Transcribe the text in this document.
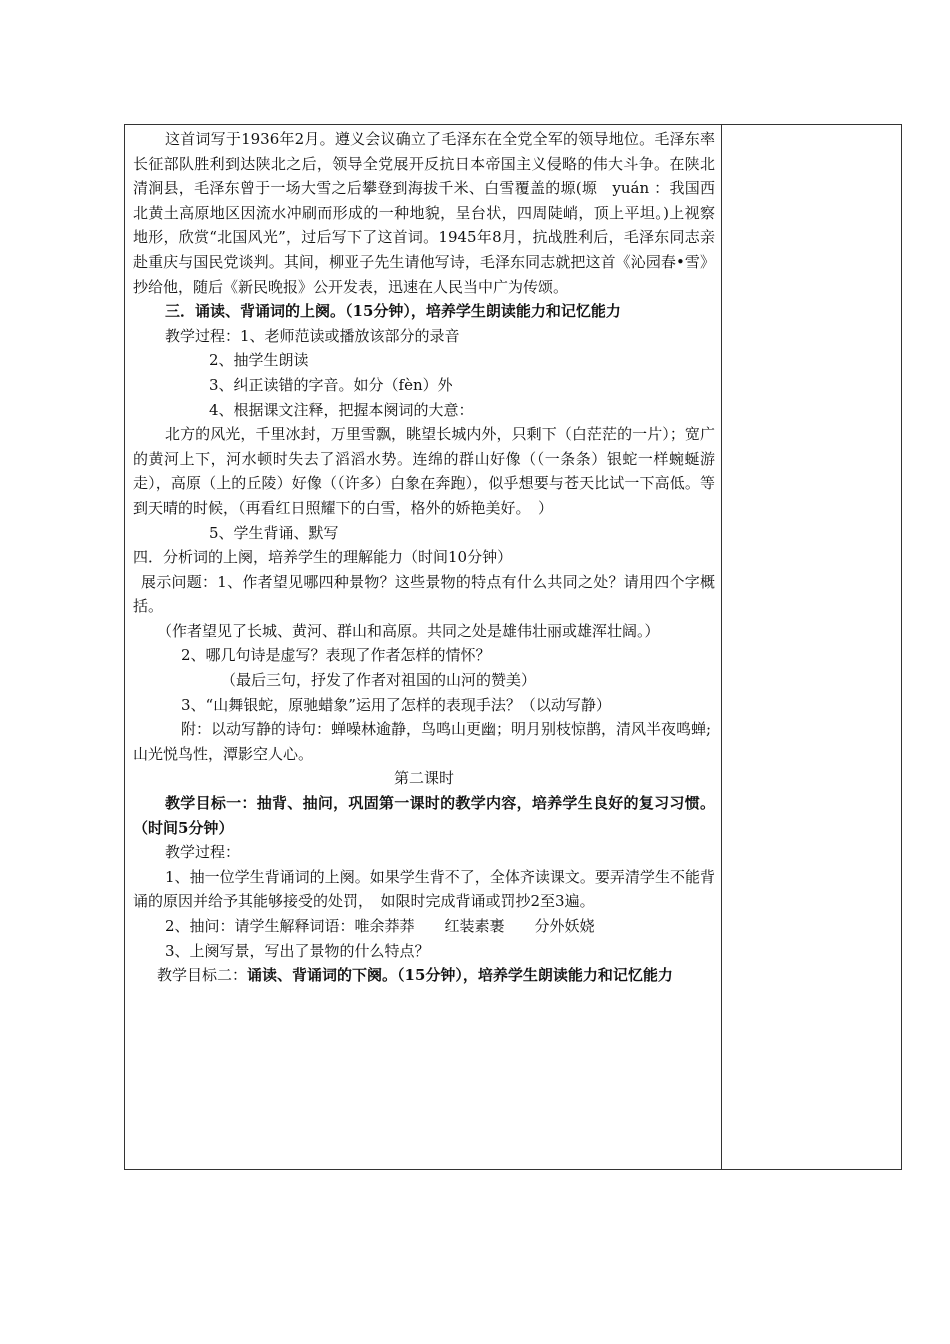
这首词写于1936年2月。遵义会议确立了毛泽东在全党全军的领导地位。毛泽东率长征部队胜利到达陕北之后，领导全党展开反抗日本帝国主义侵略的伟大斗争。在陕北清涧县，毛泽东曾于一场大雪之后攀登到海拔千米、白雪覆盖的塬(塬　yuán ：我国西北黄土高原地区因流水冲刷而形成的一种地貌，呈台状，四周陡峭，顶上平坦。)上视察地形，欣赏“北国风光”，过后写下了这首词。1945年8月，抗战胜利后，毛泽东同志亲赴重庆与国民党谈判。其间，柳亚子先生请他写诗，毛泽东同志就把这首《沁园春•雪》抄给他，随后《新民晚报》公开发表，迅速在人民当中广为传颂。

三．诵读、背诵词的上阕。（15分钟），培养学生朗读能力和记忆能力

教学过程：1、老师范读或播放该部分的录音

2、抽学生朗读

3、纠正读错的字音。如分（fèn）外

4、根据课文注释，把握本阕词的大意：

北方的风光，千里冰封，万里雪飘，眺望长城内外，只剩下（白茫茫的一片）；宽广的黄河上下，河水顿时失去了滔滔水势。连绵的群山好像（（一条条）银蛇一样蜿蜒游走），高原（上的丘陵）好像（（许多）白象在奔跑），似乎想要与苍天比试一下高低。等到天晴的时候，（再看红日照耀下的白雪，格外的娇艳美好。　）

5、学生背诵、默写

四．分析词的上阕，培养学生的理解能力（时间10分钟）

展示问题：1、作者望见哪四种景物？这些景物的特点有什么共同之处？请用四个字概括。

（作者望见了长城、黄河、群山和高原。共同之处是雄伟壮丽或雄浑壮阔。）

2、哪几句诗是虚写？表现了作者怎样的情怀？

（最后三句，抒发了作者对祖国的山河的赞美）

3、“山舞银蛇，原驰蜡象”运用了怎样的表现手法？（以动写静）

附：以动写静的诗句：蝉噪林逾静，鸟鸣山更幽；明月别枝惊鹊，清风半夜鸣蝉;

山光悦鸟性，潭影空人心。

第二课时

教学目标一：抽背、抽问，巩固第一课时的教学内容，培养学生良好的复习习惯。（时间5分钟）

教学过程：

1、抽一位学生背诵词的上阕。如果学生背不了，全体齐读课文。要弄清学生不能背诵的原因并给予其能够接受的处罚，　如限时完成背诵或罚抄2至3遍。

2、抽问：请学生解释词语：唯余莽莽　　红装素裹　　分外妖娆

3、上阕写景，写出了景物的什么特点？

教学目标二：诵读、背诵词的下阕。（15分钟），培养学生朗读能力和记忆能力
